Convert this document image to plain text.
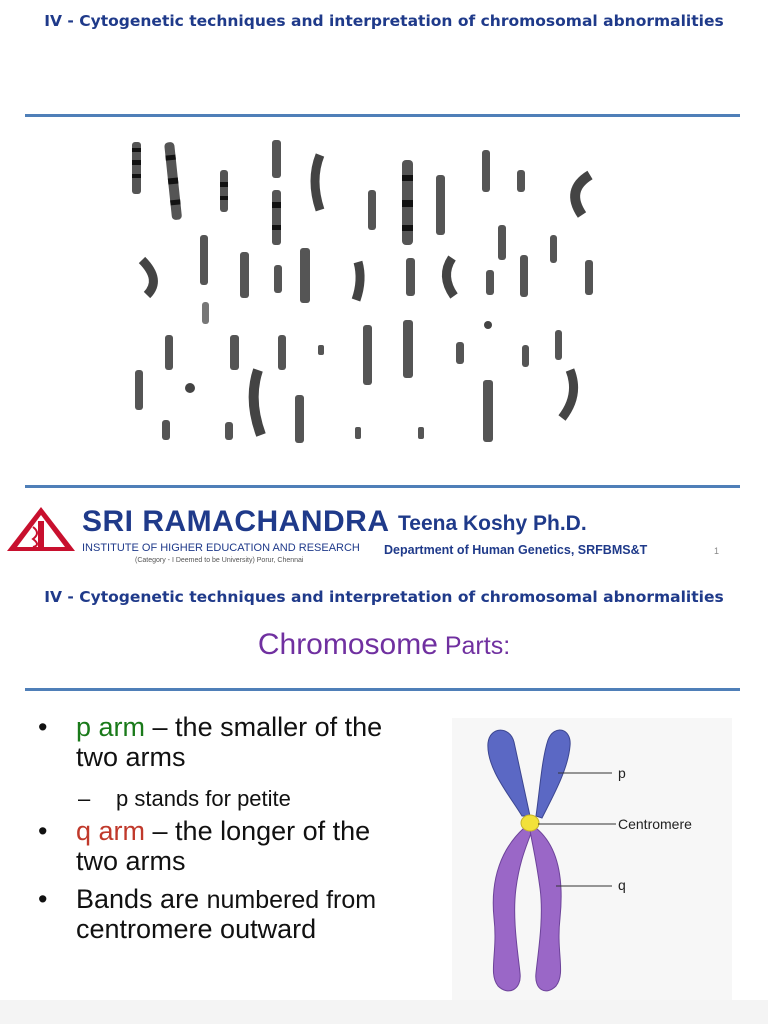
IV - Cytogenetic techniques and interpretation of chromosomal abnormalities
SRI RAMACHANDRA
INSTITUTE OF HIGHER EDUCATION AND RESEARCH
(Category - I Deemed to be University) Porur, Chennai
Teena Koshy Ph.D.
Department of Human Genetics, SRFBMS&T	1
IV - Cytogenetic techniques and interpretation of chromosomal abnormalities
Chromosome Parts:
• p arm – the smaller of the
two arms
– p stands for petite
• q arm – the longer of the
two arms
• Bands are numbered from
centromere outward
p
Centromere
q
